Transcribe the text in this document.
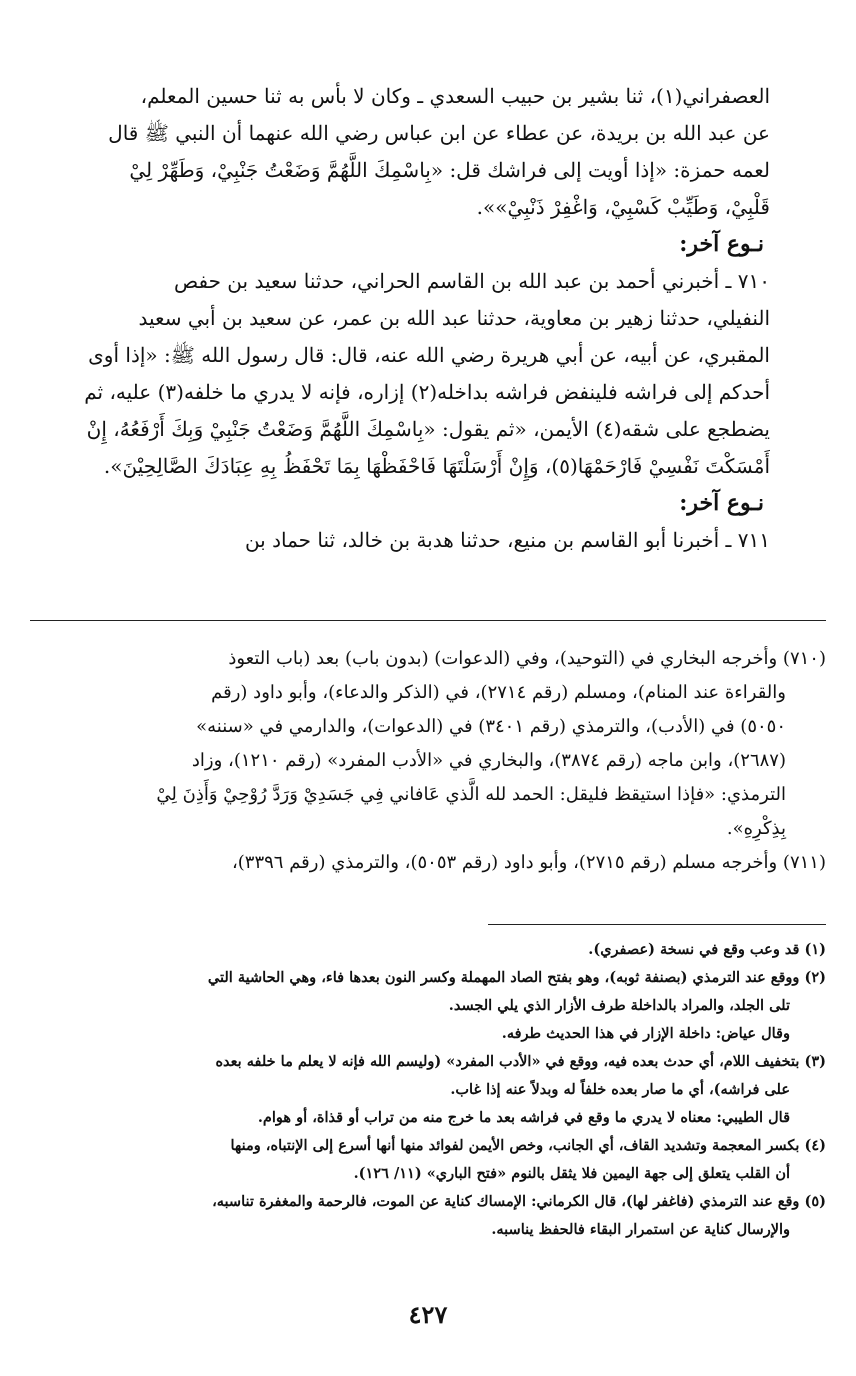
العصفراني(١)، ثنا بشير بن حبيب السعدي ـ وكان لا بأس به ثنا حسين المعلم،
عن عبد الله بن بريدة، عن عطاء عن ابن عباس رضي الله عنهما أن النبي ﷺ قال
لعمه حمزة: «إذا أويت إلى فراشك قل: «بِاسْمِكَ اللَّهُمَّ وَضَعْتُ جَنْبِيْ، وَطَهِّرْ لِيْ
قَلْبِيْ، وَطَيِّبْ كَسْبِيْ، وَاغْفِرْ ذَنْبِيْ»».
نـوع آخر:
٧١٠ ـ أخبرني أحمد بن عبد الله بن القاسم الحراني، حدثنا سعيد بن حفص
النفيلي، حدثنا زهير بن معاوية، حدثنا عبد الله بن عمر، عن سعيد بن أبي سعيد
المقبري، عن أبيه، عن أبي هريرة رضي الله عنه، قال: قال رسول الله ﷺ: «إذا أوى
أحدكم إلى فراشه فلينفض فراشه بداخله(٢) إزاره، فإنه لا يدري ما خلفه(٣) عليه، ثم
يضطجع على شقه(٤) الأيمن، «ثم يقول: «بِاسْمِكَ اللَّهُمَّ وَضَعْتُ جَنْبِيْ وَبِكَ أَرْفَعُهُ، إِنْ
أَمْسَكْتَ نَفْسِيْ فَارْحَمْهَا(٥)، وَإِنْ أَرْسَلْتَهَا فَاحْفَظْهَا بِمَا تَحْفَظُ بِهِ عِبَادَكَ الصَّالِحِيْنَ».
نـوع آخر:
٧١١ ـ أخبرنا أبو القاسم بن منيع، حدثنا هدبة بن خالد، ثنا حماد بن
(٧١٠) وأخرجه البخاري في (التوحيد)، وفي (الدعوات) (بدون باب) بعد (باب التعوذ
والقراءة عند المنام)، ومسلم (رقم ٢٧١٤)، في (الذكر والدعاء)، وأبو داود (رقم
٥٠٥٠) في (الأدب)، والترمذي (رقم ٣٤٠١) في (الدعوات)، والدارمي في «سننه»
(٢٦٨٧)، وابن ماجه (رقم ٣٨٧٤)، والبخاري في «الأدب المفرد» (رقم ١٢١٠)، وزاد
الترمذي: «فإذا استيقظ فليقل: الحمد لله الَّذي عَافاني فِي جَسَدِيْ وَرَدَّ رُوْحِيْ وَأَذِنَ لِيْ
بِذِكْرِهِ».
(٧١١) وأخرجه مسلم (رقم ٢٧١٥)، وأبو داود (رقم ٥٠٥٣)، والترمذي (رقم ٣٣٩٦)،
(١) قد وعب وقع في نسخة (عصفري).
(٢) ووقع عند الترمذي (بصنفة ثوبه)، وهو بفتح الصاد المهملة وكسر النون بعدها فاء، وهي الحاشية التي
تلى الجلد، والمراد بالداخلة طرف الأزار الذي يلي الجسد.
وقال عياض: داخلة الإزار في هذا الحديث طرفه.
(٣) بتخفيف اللام، أي حدث بعده فيه، ووقع في «الأدب المفرد» (وليسم الله فإنه لا يعلم ما خلفه بعده
على فراشه)، أي ما صار بعده خلفاً له وبدلاً عنه إذا غاب.
قال الطيبي: معناه لا يدري ما وقع في فراشه بعد ما خرج منه من تراب أو قذاة، أو هوام.
(٤) بكسر المعجمة وتشديد القاف، أي الجانب، وخص الأيمن لفوائد منها أنها أسرع إلى الإنتباه، ومنها
أن القلب يتعلق إلى جهة اليمين فلا يثقل بالنوم «فتح الباري» (١١/ ١٢٦).
(٥) وقع عند الترمذي (فاغفر لها)، قال الكرماني: الإمساك كناية عن الموت، فالرحمة والمغفرة تناسبه،
والإرسال كناية عن استمرار البقاء فالحفظ يناسبه.
٤٢٧
